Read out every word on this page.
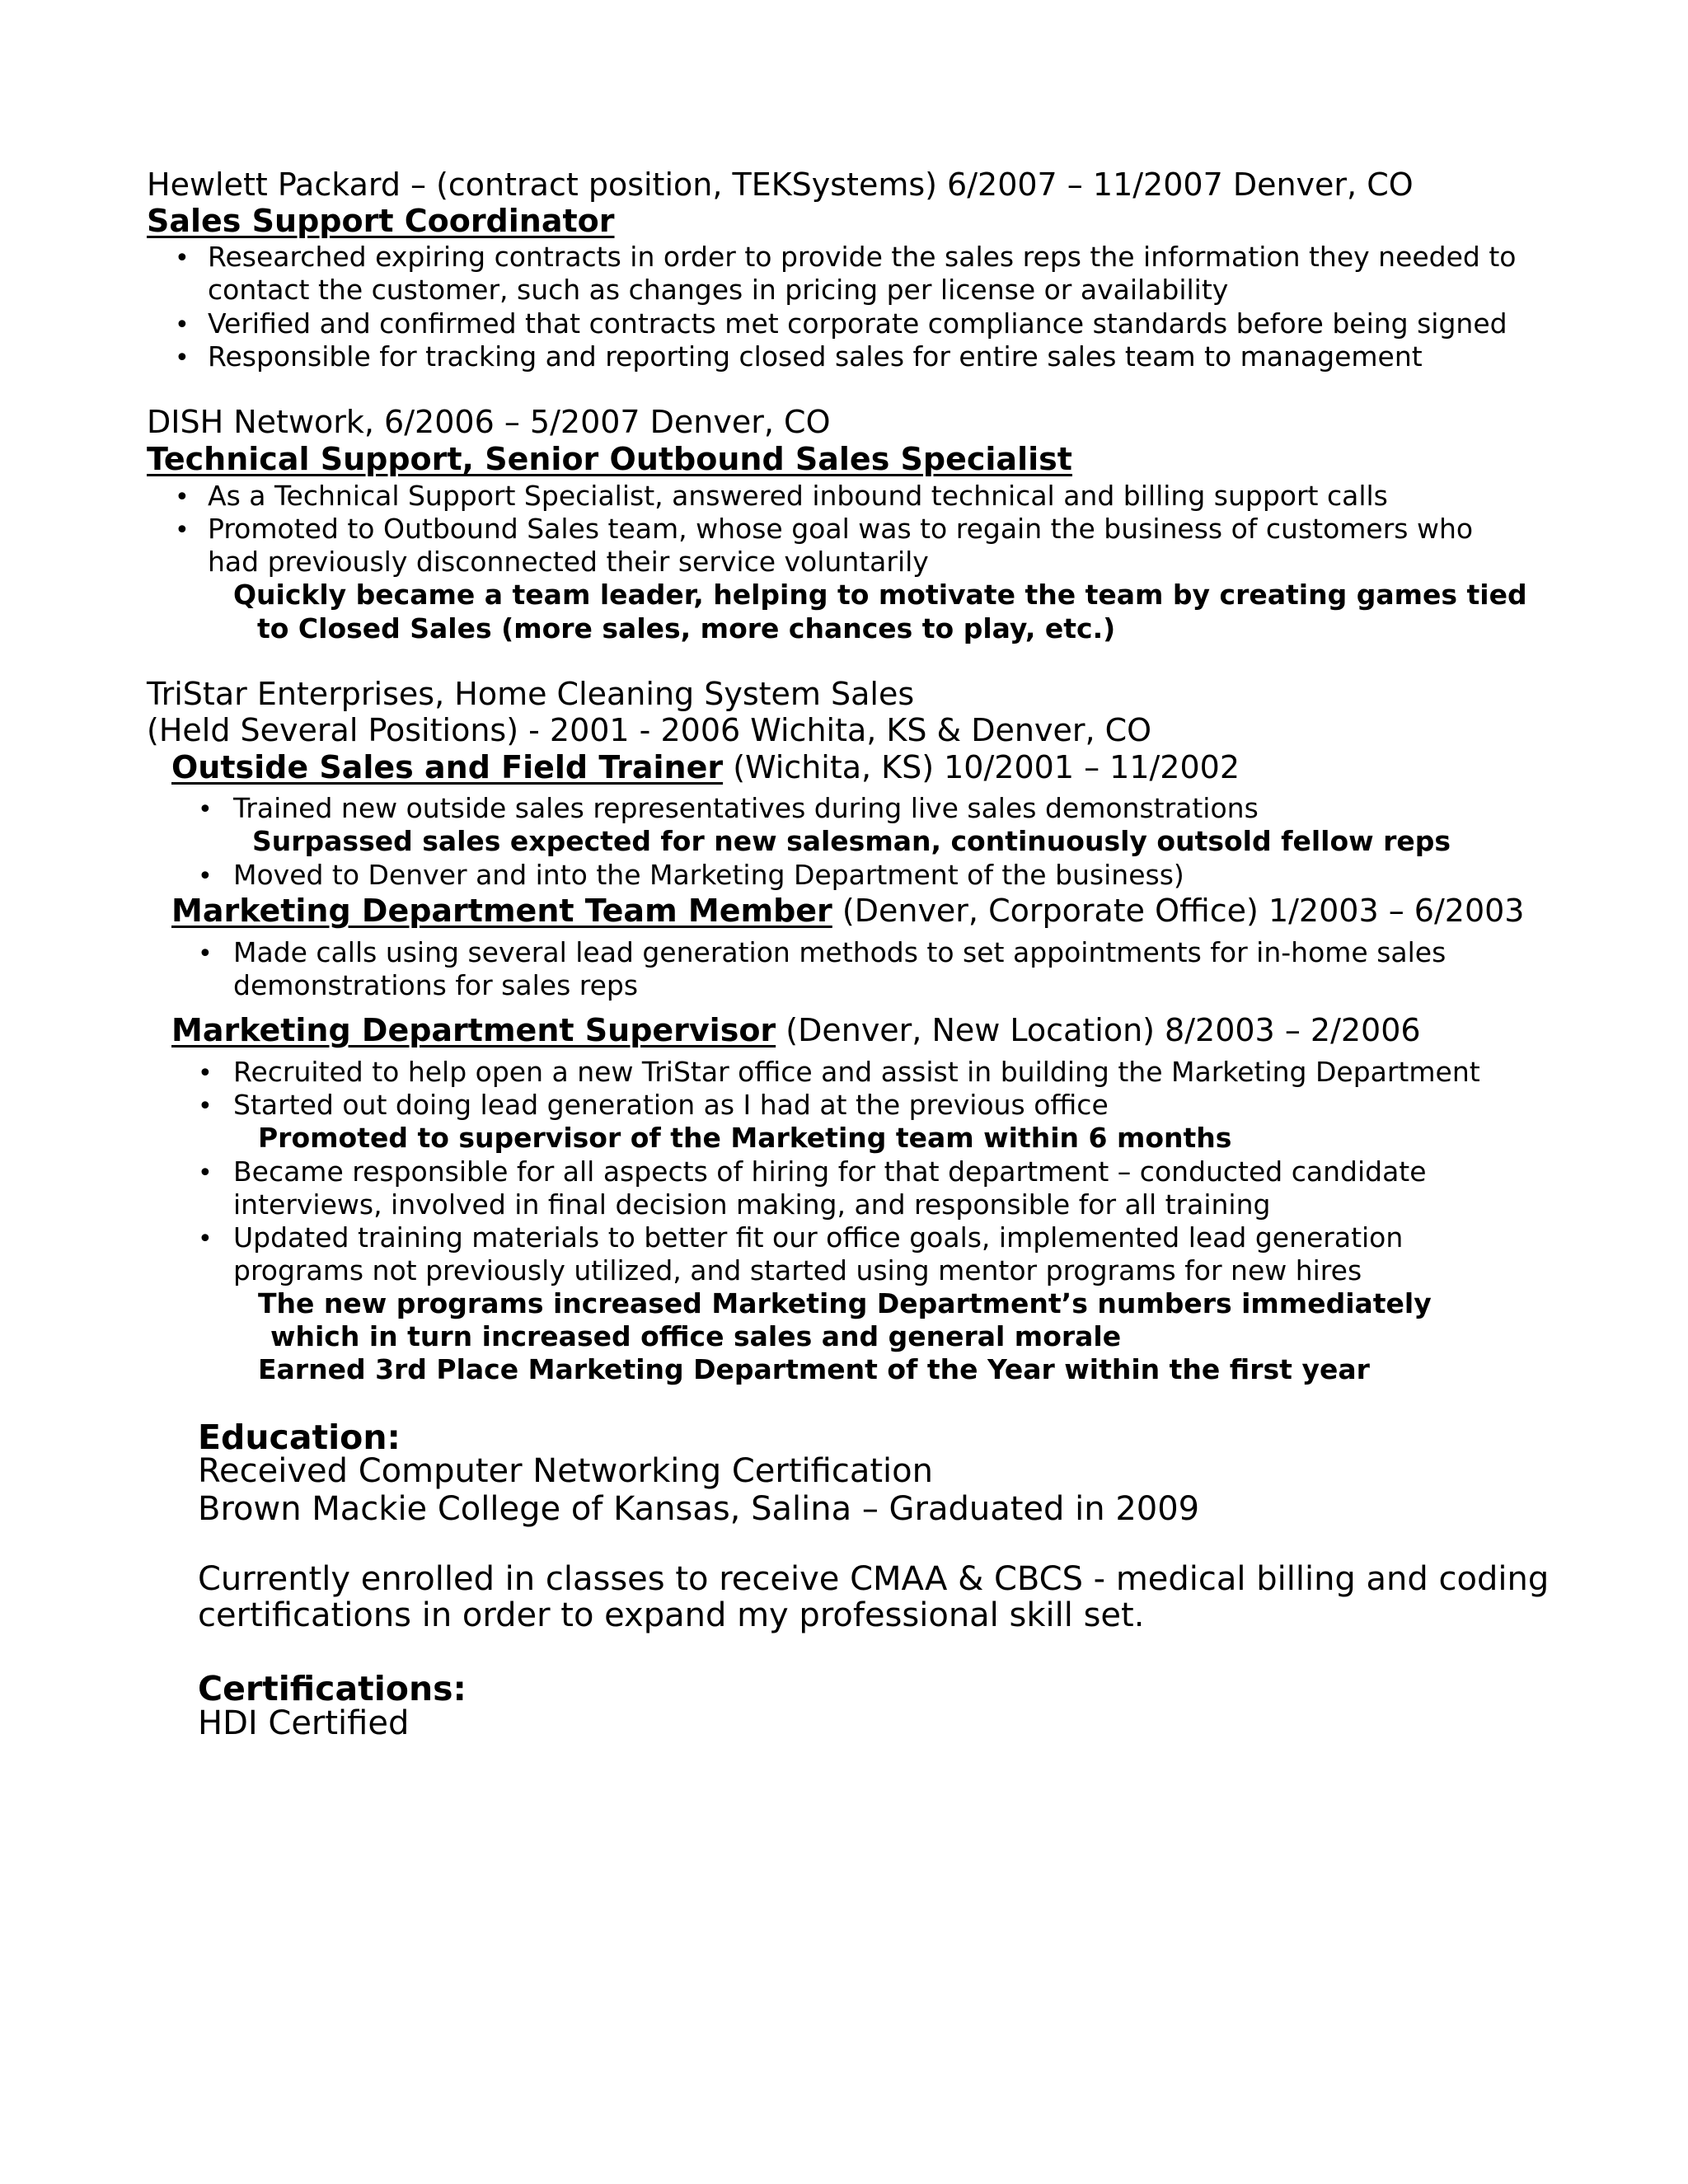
Hewlett Packard – (contract position, TEKSystems) 6/2007 – 11/2007 Denver, CO
Sales Support Coordinator
• Researched expiring contracts in order to provide the sales reps the information they needed to
contact the customer, such as changes in pricing per license or availability
• Verified and confirmed that contracts met corporate compliance standards before being signed
• Responsible for tracking and reporting closed sales for entire sales team to management
DISH Network, 6/2006 – 5/2007 Denver, CO
Technical Support, Senior Outbound Sales Specialist
• As a Technical Support Specialist, answered inbound technical and billing support calls
• Promoted to Outbound Sales team, whose goal was to regain the business of customers who
had previously disconnected their service voluntarily
Quickly became a team leader, helping to motivate the team by creating games tied
to Closed Sales (more sales, more chances to play, etc.)
TriStar Enterprises, Home Cleaning System Sales
(Held Several Positions) - 2001 - 2006 Wichita, KS & Denver, CO
Outside Sales and Field Trainer (Wichita, KS) 10/2001 – 11/2002
• Trained new outside sales representatives during live sales demonstrations
Surpassed sales expected for new salesman, continuously outsold fellow reps
• Moved to Denver and into the Marketing Department of the business)
Marketing Department Team Member (Denver, Corporate Office) 1/2003 – 6/2003
• Made calls using several lead generation methods to set appointments for in-home sales
demonstrations for sales reps
Marketing Department Supervisor (Denver, New Location) 8/2003 – 2/2006
• Recruited to help open a new TriStar office and assist in building the Marketing Department
• Started out doing lead generation as I had at the previous office
Promoted to supervisor of the Marketing team within 6 months
• Became responsible for all aspects of hiring for that department – conducted candidate
interviews, involved in final decision making, and responsible for all training
• Updated training materials to better fit our office goals, implemented lead generation
programs not previously utilized, and started using mentor programs for new hires
The new programs increased Marketing Department’s numbers immediately
which in turn increased office sales and general morale
Earned 3rd Place Marketing Department of the Year within the first year
Education:
Received Computer Networking Certification
Brown Mackie College of Kansas, Salina – Graduated in 2009
Currently enrolled in classes to receive CMAA & CBCS - medical billing and coding
certifications in order to expand my professional skill set.
Certifications:
HDI Certified
